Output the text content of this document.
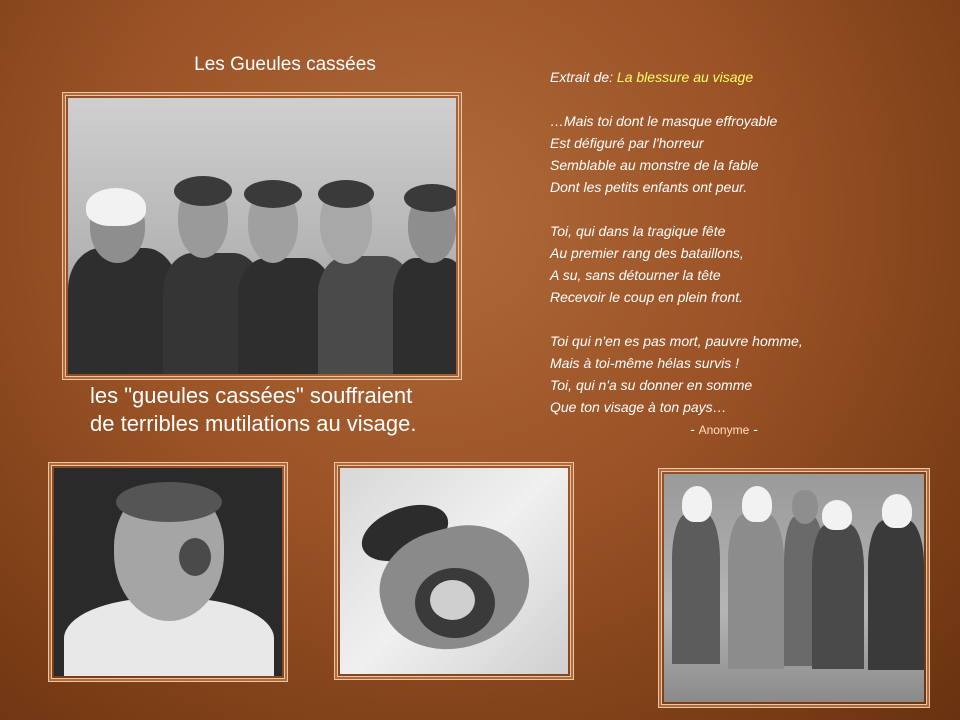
Les Gueules cassées
les "gueules cassées" souffraient
de terribles mutilations au visage.

Extrait de: La blessure au visage

…Mais toi dont le masque effroyable

Est défiguré par l'horreur

Semblable au monstre de la fable

Dont les petits enfants ont peur.

Toi, qui dans la tragique fête

Au premier rang des bataillons,

A su, sans détourner la tête

Recevoir le coup en plein front.

Toi qui n'en es pas mort, pauvre homme,

Mais à toi-même hélas survis !

Toi, qui n'a su donner en somme

Que ton visage à ton pays…

- Anonyme -
